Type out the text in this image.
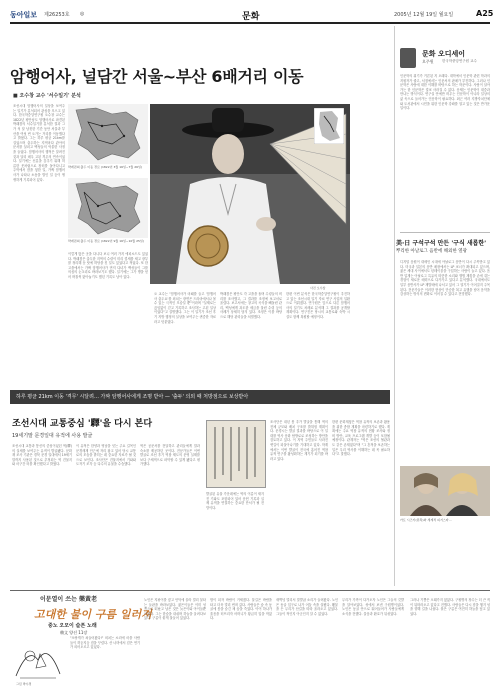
동아일보 제26253호 ◎	문화	2005년 12월 19일 월요일	A25
암행어사, 널담간 서울~부산 6배거리 이동
■ 오수창 교수 '서수일기' 분석
조선시대 암행어사의 일상을 보여주는 일기가 분석되어 관심을 모으고 있다. 한국학중앙연구원 오수창 교수는 1822년 평안남도 암행어사로 파견된 박래겸의 서수일기를 분석한 결과 그가 석 달 남짓한 기간 동안 서울과 부산을 여섯 번 오가는 거리를 이동했다고 밝혔다. 그는 하루 평균 21km를 걸었으며 출두하는 지역마다 관아의 문서를 살피고 백성들의 억울한 사정을 들었다. 암행어사의 행적은 알려진 것과 달리 매우 고된 격무의 연속이었다. 일기에는 신분을 감추기 위해 허름한 옷차림으로 장터를 돌아다니고 주막에서 잠을 청한 일, 가짜 암행어사가 나타나 소동을 벌인 일 등이 생생하게 기록되어 있다.
박래겸의 출두 이동 경로 (1822년 3월 16일~7월 26일)
박래겸의 출두 이동 경로 (1822년 9월 16일~10월 25일)
사진 오수창
이렇게 많은 곳을 다니다 보니 여러 가지 에피소드도 있었다. 박래겸은 출두한 지역의 수령이 미리 낌새를 채고 장부를 정리해 둔 탓에 허탕을 친 일도 있었다고 적었다. 또 한 고을에서는 가짜 암행어사가 먼저 다녀가 백성들이 그를 의심의 눈초리로 바라보기도 했다. 일기에는 그가 병을 얻어 며칠씩 앓아눕기도 했던 기록도 남아 있다.
오 교수는 "암행어사가 마패를 들고 '암행어사 출두요'를 외치는 장면은 드라마에서나 볼 수 있는 극적인 모습일 뿐"이라며 "실제로는 끊임없이 걷고 기록하고 조사하는 고된 일상이었다"고 설명했다. 그는 이 일기가 조선 후기 지방 행정의 실상을 보여주는 귀중한 자료라고 덧붙였다.
박래겸은 평안도 각 고을을 돌며 수령들의 비리를 조사했고, 그 결과를 조정에 보고서로 올렸다. 보고서에는 창고의 곡식을 빼돌린 관리, 백성에게 과도한 세금을 물린 수령 등의 사례가 상세히 담겨 있다. 조정은 이를 바탕으로 해당 관리들을 처벌했다.
한편 이번 분석은 한국학중앙연구원이 추진하고 있는 조선시대 일기 자료 연구 사업의 일환으로 이뤄졌다. 연구원은 앞으로 다른 암행어사의 일기도 차례로 분석해 그 결과를 공개할 계획이다. 연구진은 당시의 교통로와 숙박 시설도 함께 복원할 예정이다.
하루 평균 21km 이동 '격무' 시달려… 가짜 암행어사에게 조명 받아 — '출두' 의외 때 처방점으로 보상받아
문화 오디세이
오주원 한국학중앙연구원 교수
인문학의 위기가 거론된 지 오래다. 대학에서 인문학 관련 학과의 지원자가 줄고, 서점에서는 인문서의 판매가 부진하다. 그러나 인문학은 사람에 대한 이해를 바탕으로 하는 학문이다. 사람이 살아가는 한 인문학은 결코 사라질 수 없다. 문제는 인문학이 대중과 만나는 방식이다. 연구실 안에만 머무는 인문학이 아니라 일상의 삶 속으로 들어가는 인문학이 필요하다. 최근 여러 지방자치단체와 도서관에서 시민을 위한 인문학 강좌를 열고 있는 것은 반가운 일이다.
美·日 구석구석 만든 '구식 새롭한'
뿌리한 아날로그 음반에 해외한 열광
디지털 음원이 대세인 시대에 아날로그 음반이 다시 주목받고 있다. 미국과 일본의 음반 매장에서는 LP 코너가 확대되고 있으며, 젊은 세대 사이에서도 턴테이블을 구입하는 사람이 늘고 있다. 음반 업계는 아날로그 특유의 따뜻한 소리와 앨범 재킷을 손에 쥐는 경험이 새로운 매력으로 다가가고 있다고 분석했다. 국내에서도 일부 음반사가 LP 재발매에 나서고 있어 그 열기가 이어질지 주목된다. 전문가들은 이러한 현상이 단순한 복고 유행을 넘어 음악을 감상하는 방식의 변화로 이어질 수 있다고 전망했다.
카토 시즈카(왼쪽)와 세계적 피겨스타…
조선시대 교통중심 '驛'을 다시 본다
19세기말 문경일대 유적에 사용 발굴
조선시대 교통과 통신의 중심이었던 역(驛)의 실체를 보여주는 유적이 발굴됐다. 문화재 조사 기관은 경북 문경 일대에서 19세기 말까지 사용된 것으로 추정되는 역 건물지와 마구간 터를 확인했다고 밝혔다.
이 유적은 한양과 영남을 잇는 주요 길목인 문경새재 인근에 자리 잡고 있어 당시 교통로의 모습을 밝히는 데 중요한 자료가 될 것으로 보인다. 조사단은 건물지에서 기와와 도자기 조각 등 다수의 유물을 수습했다.
역은 공문서를 전달하고 관리들에게 말과 숙소를 제공하던 곳이다. 전문가들은 이번 발굴로 조선 후기 역참 제도의 운영 실태를 보다 구체적으로 파악할 수 있게 됐다고 평가했다.
발굴된 유물 가운데에는 역의 이름이 새겨진 기와도 포함되어 있어 문헌 기록과 실제 유적을 연결하는 중요한 단서가 될 전망이다.
조사단은 내년 봄 추가 발굴을 통해 역의 전체 규모와 배치 구조를 밝혀낼 계획이다. 문경시는 발굴 결과를 바탕으로 이 일대를 역사 문화 탐방로로 조성하는 방안을 검토하고 있다. 이 지역 주민들도 사라진 옛길이 되살아나기를 기대하고 있다. 학계에서는 이번 발굴이 전국에 흩어진 역참 유적 연구를 활성화하는 계기가 되기를 바라고 있다.
한편 문화재청은 역참 유적의 보존과 활용을 위한 종합 계획을 마련하기로 했다. 계획에는 주요 역참 유적의 현황 조사와 정비 방안, 교육 프로그램 개발 등이 포함될 예정이다. 관계자는 "역은 조선의 혈관과도 같은 존재였다"며 "그 흔적을 보존하는 일은 우리 역사를 이해하는 데 꼭 필요하다"고 말했다.
이문열이 쓰는 樂黃老
고대한 불이 구름 일러져
중노 오모이 슬픈 노래
賴文 양선 11장
그림 박수경
"오랑캐가 쳐들어왔다!" 외치는 소리에 마을 사람들이 허둥지둥 짐을 꾸렸다. 산 너머에서 검은 연기가 피어오르고 있었다.
노인은 지팡이를 짚고 언덕에 올라 멀리 불타는 들판을 바라보았다. 젊은이들은 이미 성 쪽으로 떠났고 남은 것은 늙은이와 아이들뿐이었다. 그는 한숨을 내쉬며 하늘을 올려다보았다. 구름이 붉게 물들어 있었다.
밤이 되자 바람이 거세졌다. 불길은 바람을 타고 더욱 멀리 번져 갔다. 사람들은 숲 속 동굴에 몸을 숨긴 채 숨을 죽였다. 아이 하나가 울음을 터뜨리자 어머니가 황급히 입을 막았다.
새벽녘 멀리서 말발굽 소리가 들려왔다. 노인은 동굴 입구로 나가 어둠 속을 살폈다. 횃불을 든 무리가 산길을 따라 올라오고 있었다. 그들이 적인지 아군인지 알 수 없었다.
무리가 가까이 다가오자 노인은 그들의 깃발을 알아보았다. 성에서 보낸 구원병이었다. 노인은 동굴 안으로 뛰어들어가 사람들에게 소식을 전했다. 울음과 환호가 뒤섞였다.
그러나 기쁨은 오래가지 않았다. 구원병의 장수는 더 큰 적이 뒤따라오고 있다고 전했다. 사람들은 다시 짐을 챙겨 성을 향해 길을 나섰다. 붉은 구름은 여전히 하늘을 덮고 있었다.
